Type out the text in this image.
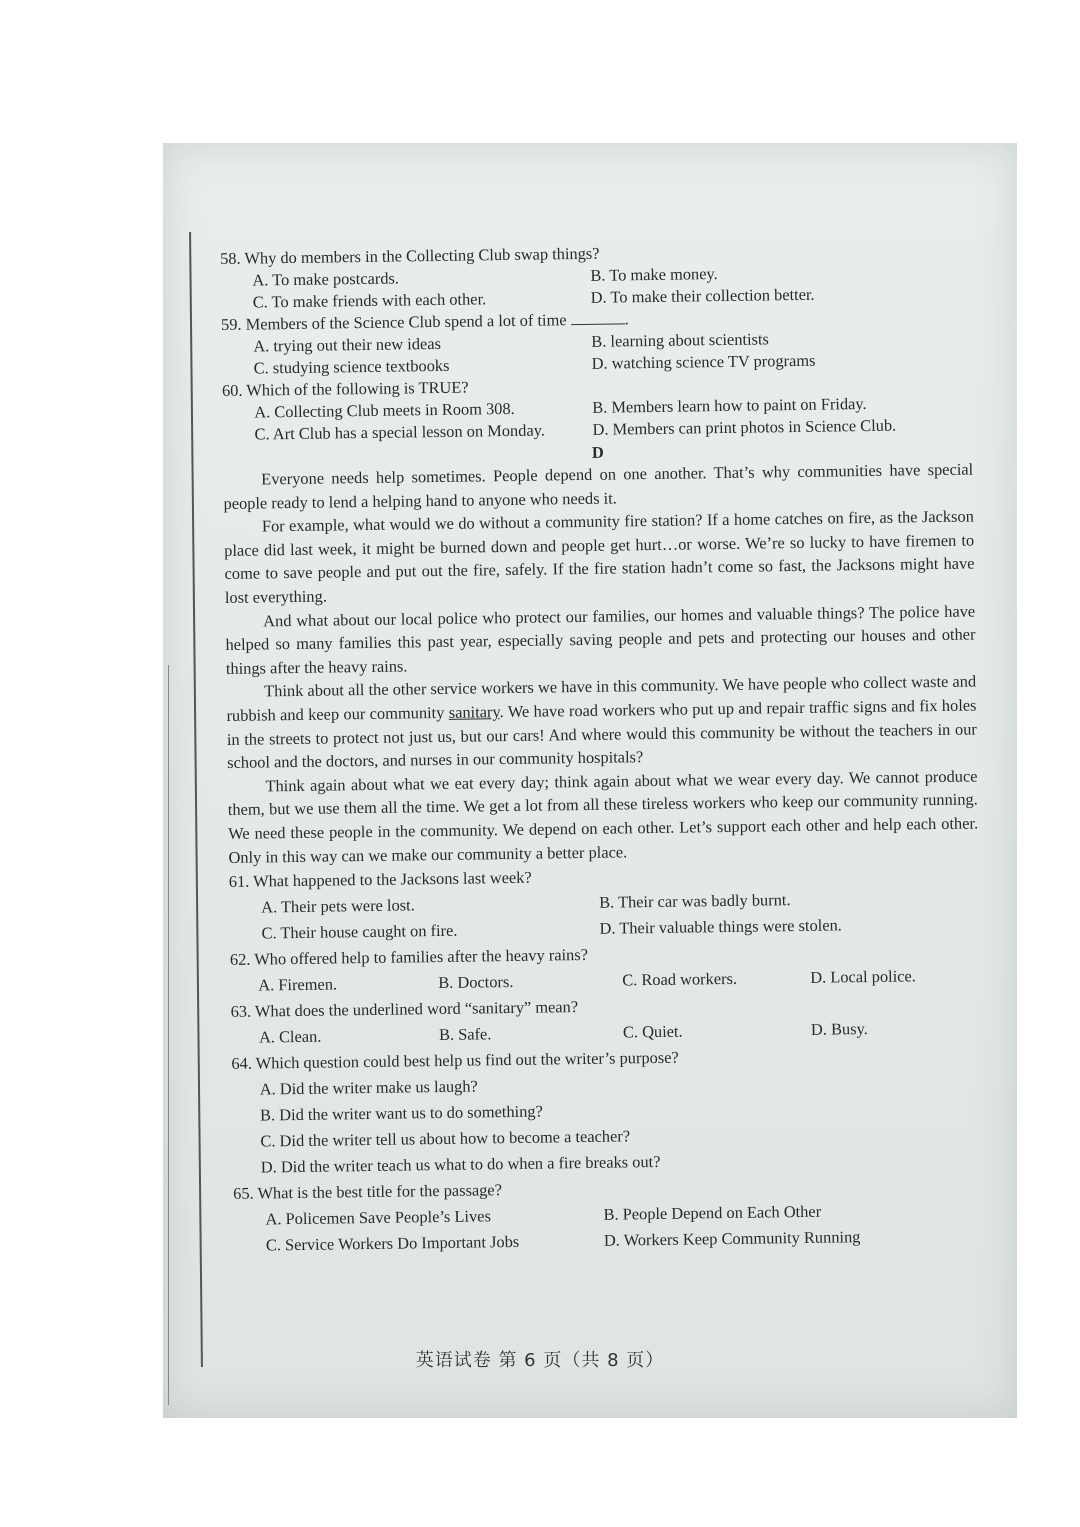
58. Why do members in the Collecting Club swap things?
A. To make postcards.	B. To make money.
C. To make friends with each other.	D. To make their collection better.
59. Members of the Science Club spend a lot of time	.
A. trying out their new ideas	B. learning about scientists
C. studying science textbooks	D. watching science TV programs
60. Which of the following is TRUE?
A. Collecting Club meets in Room 308.	B. Members learn how to paint on Friday.
C. Art Club has a special lesson on Monday.	D. Members can print photos in Science Club.
D

Everyone needs help sometimes. People depend on one another. That’s why communities have special people ready to lend a helping hand to anyone who needs it.

For example, what would we do without a community fire station? If a home catches on fire, as the Jackson place did last week, it might be burned down and people get hurt…or worse. We’re so lucky to have firemen to come to save people and put out the fire, safely. If the fire station hadn’t come so fast, the Jacksons might have lost everything.

And what about our local police who protect our families, our homes and valuable things? The police have helped so many families this past year, especially saving people and pets and protecting our houses and other things after the heavy rains.

Think about all the other service workers we have in this community. We have people who collect waste and rubbish and keep our community sanitary. We have road workers who put up and repair traffic signs and fix holes in the streets to protect not just us, but our cars! And where would this community be without the teachers in our school and the doctors, and nurses in our community hospitals?

Think again about what we eat every day; think again about what we wear every day. We cannot produce them, but we use them all the time. We get a lot from all these tireless workers who keep our community running. We need these people in the community. We depend on each other. Let’s support each other and help each other. Only in this way can we make our community a better place.

61. What happened to the Jacksons last week?
A. Their pets were lost.	B. Their car was badly burnt.
C. Their house caught on fire.	D. Their valuable things were stolen.
62. Who offered help to families after the heavy rains?
A. Firemen.	B. Doctors.	C. Road workers.	D. Local police.
63. What does the underlined word “sanitary” mean?
A. Clean.	B. Safe.	C. Quiet.	D. Busy.
64. Which question could best help us find out the writer’s purpose?
A. Did the writer make us laugh?
B. Did the writer want us to do something?
C. Did the writer tell us about how to become a teacher?
D. Did the writer teach us what to do when a fire breaks out?
65. What is the best title for the passage?
A. Policemen Save People’s Lives	B. People Depend on Each Other
C. Service Workers Do Important Jobs	D. Workers Keep Community Running
英语试卷 第 6 页（共 8 页）
